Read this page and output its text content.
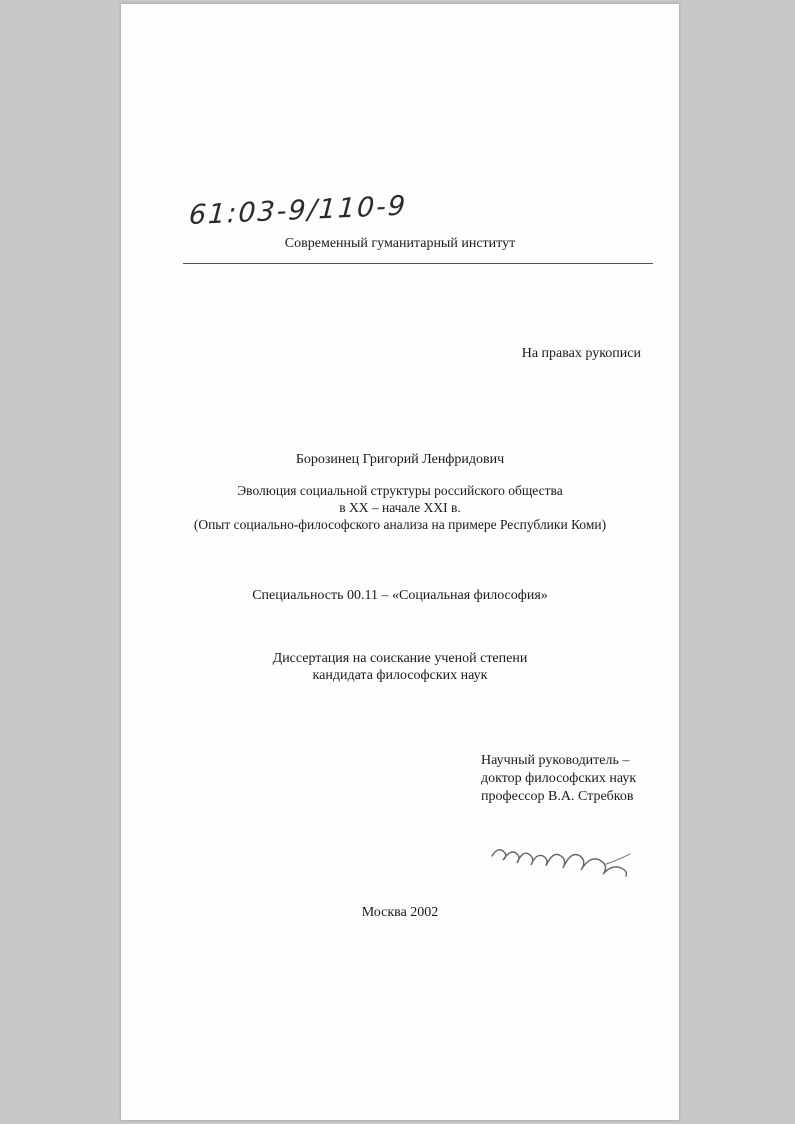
61:03-9/110-9
Современный гуманитарный институт
На правах рукописи
Борозинец Григорий Ленфридович
Эволюция социальной структуры российского общества
в XX – начале XXI в.
(Опыт социально-философского анализа на примере Республики Коми)
Специальность 00.11 – «Социальная философия»
Диссертация на соискание ученой степени
кандидата философских наук
Научный руководитель –
доктор философских наук
профессор В.А. Стребков
Москва 2002
